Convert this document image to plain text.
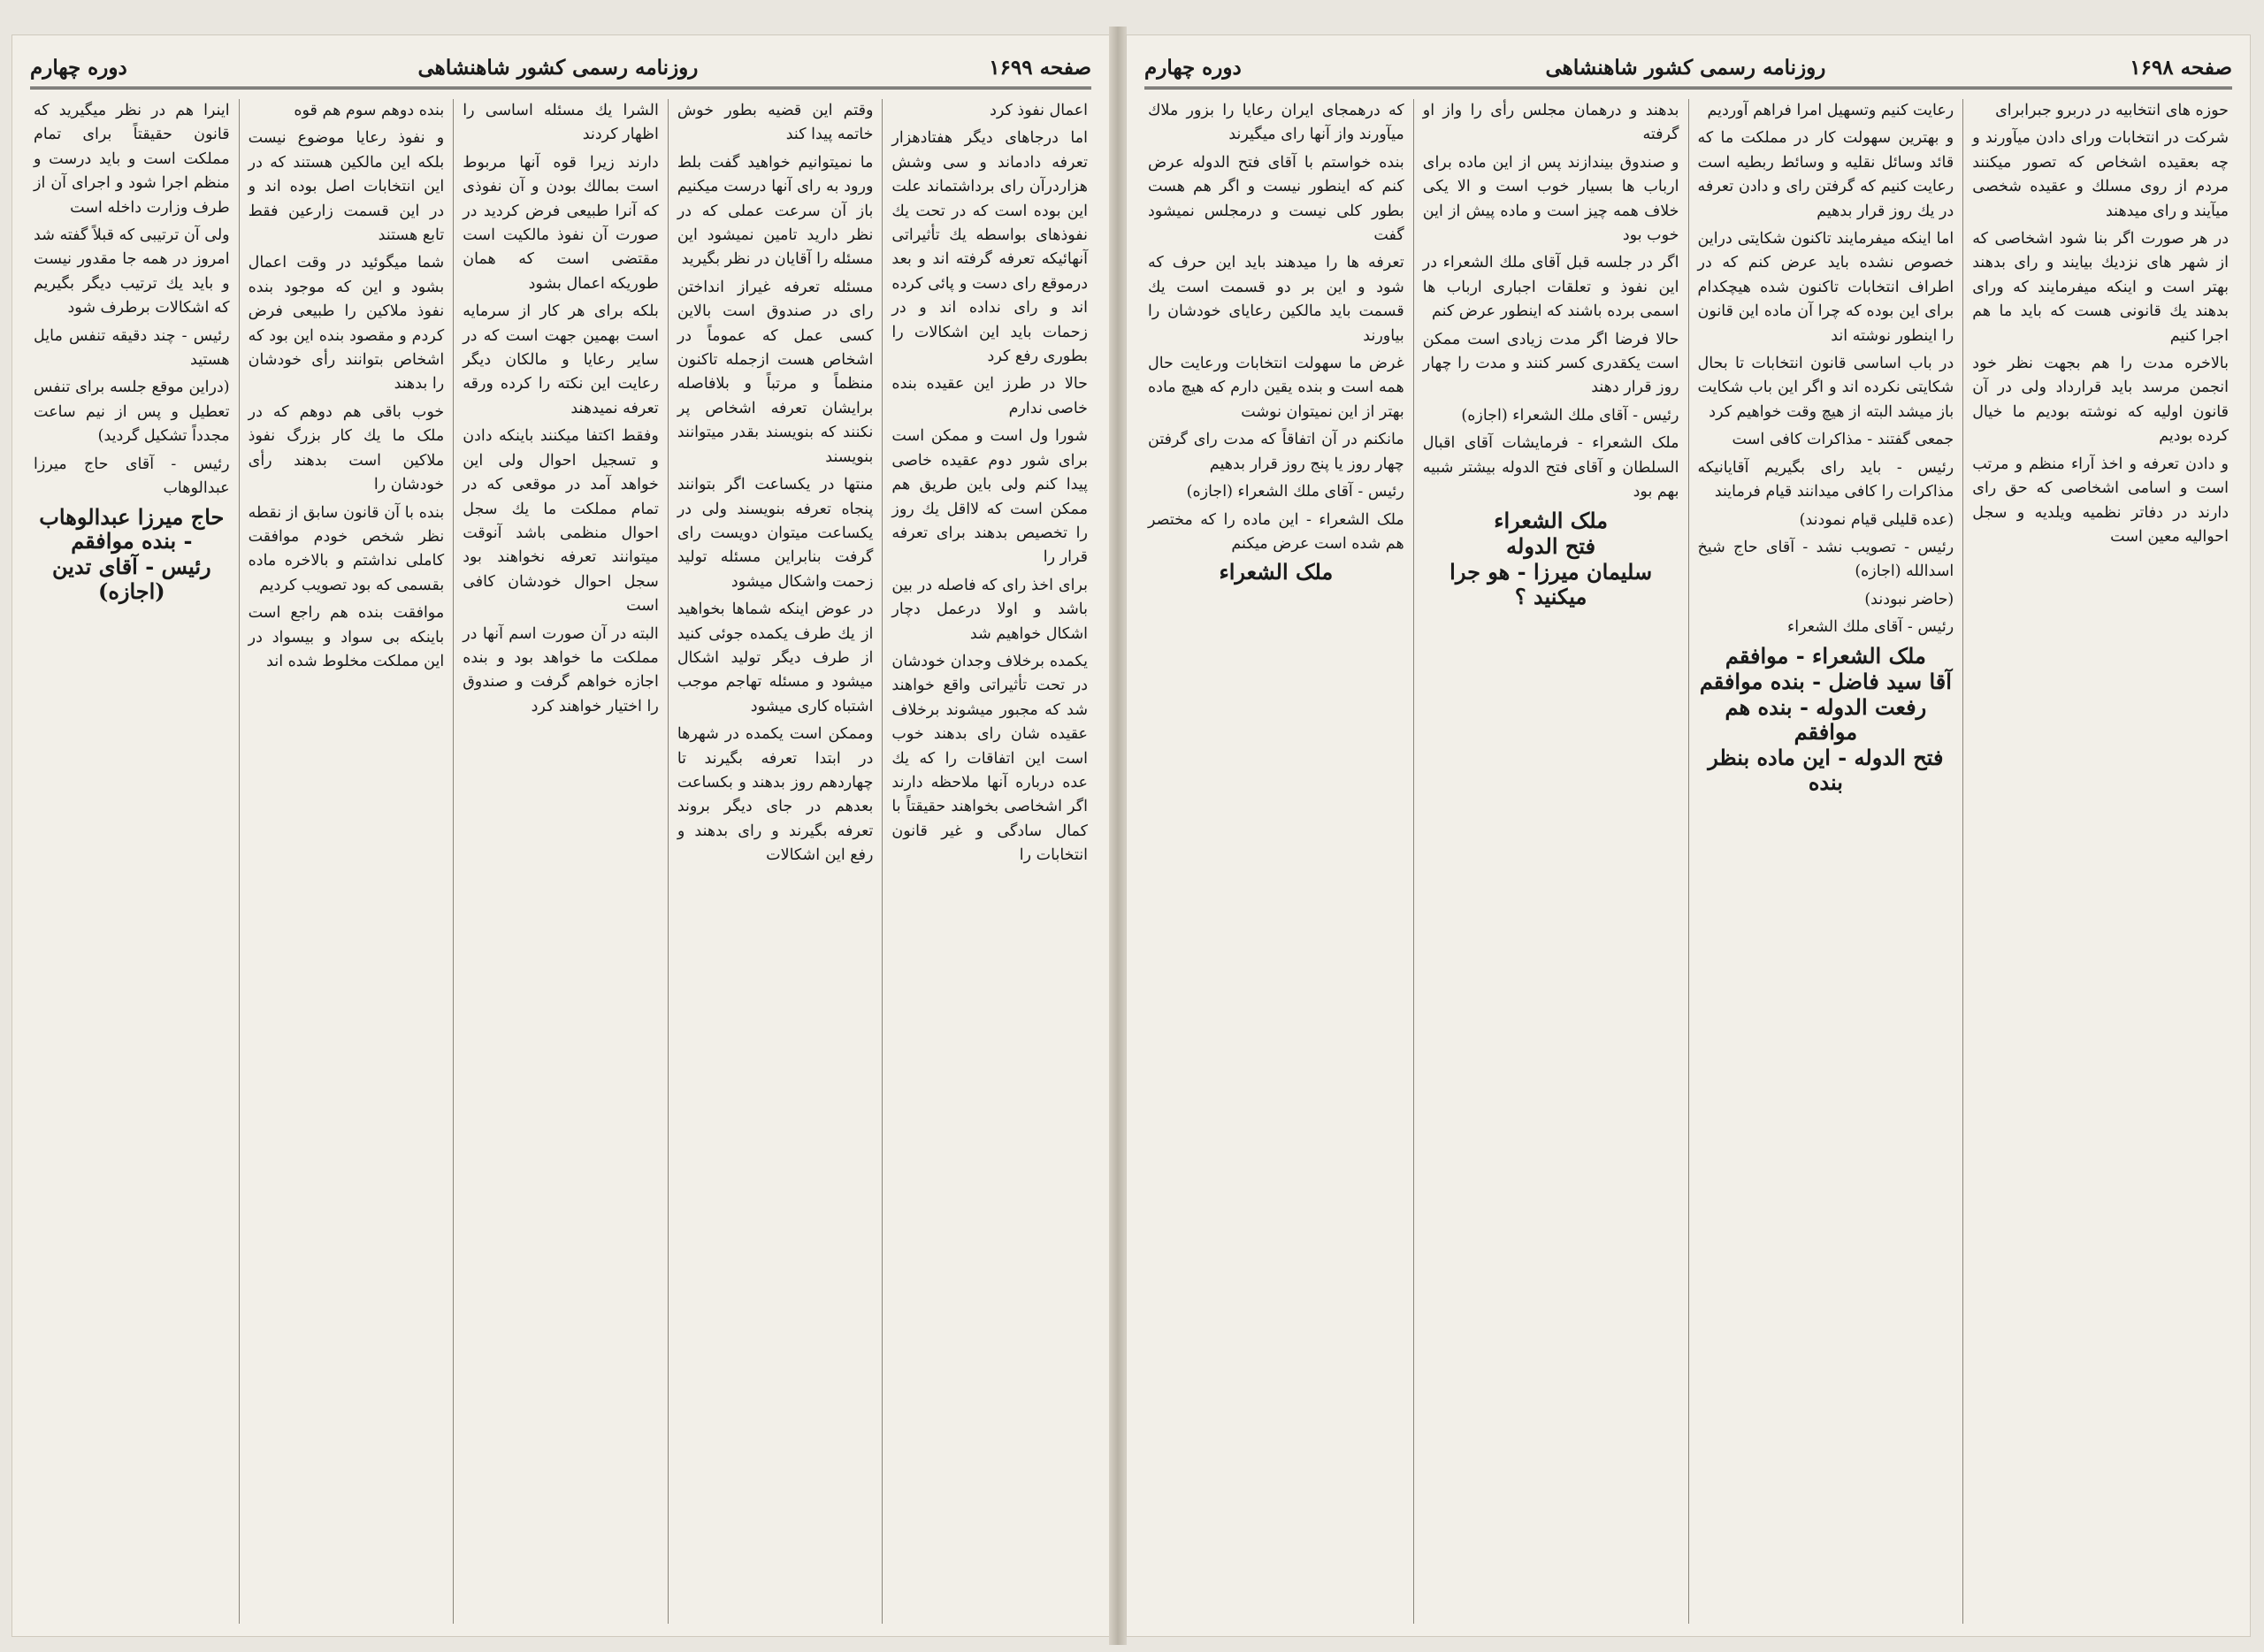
صفحه ۱۶۹۹
روزنامه رسمی کشور شاهنشاهی
دوره چهارم

اعمال نفوذ کرد

اما درجاهای دیگر هفتادهزار تعرفه دادماند و سی وشش هزاردرآن رای برداشتماند علت این بوده است که در تحت یك نفوذهای بواسطه یك تأثیراتی آنهائیکه تعرفه گرفته اند و بعد درموقع رای دست و پائی کرده اند و رای نداده اند و در زحمات باید این اشکالات را بطوری رفع کرد

حالا در طرز این عقیده بنده خاصی ندارم

شورا ول است و ممکن است برای شور دوم عقیده خاصی پیدا کنم ولی باین طریق هم ممکن است که لااقل یك روز را تخصیص بدهند برای تعرفه قرار را

برای اخذ رای که فاصله در بین باشد و اولا درعمل دچار اشکال خواهیم شد

یکمده برخلاف وجدان خودشان در تحت تأثیراتی واقع خواهند شد که مجبور میشوند برخلاف عقیده شان رای بدهند خوب است این اتفاقات را که یك عده درباره آنها ملاحظه دارند اگر اشخاصی بخواهند حقیقتاً با کمال سادگی و غیر قانون انتخابات را

وقتم این قضیه بطور خوش خاتمه پیدا کند

ما نمیتوانیم خواهید گفت بلط ورود به رای آنها درست میکنیم باز آن سرعت عملی که در نظر دارید تامین نمیشود این مسئله را آقایان در نظر بگیرید

مسئله تعرفه غیراز انداختن رای در صندوق است بالاین کسی عمل که عموماً در اشخاص هست ازجمله تاکنون منظماً و مرتباً و بلافاصله برایشان تعرفه اشخاص پر نکنند که بنویسند بقدر میتوانند بنویسند

منتها در یکساعت اگر بتوانند پنجاه تعرفه بنویسند ولی در یکساعت میتوان دویست رای گرفت بنابراین مسئله تولید زحمت واشکال میشود

در عوض اینکه شماها بخواهید از یك طرف یکمده جوئی کنید از طرف دیگر تولید اشکال میشود و مسئله تهاجم موجب اشتباه کاری میشود

وممکن است یکمده در شهرها در ابتدا تعرفه بگیرند تا چهاردهم روز بدهند و بکساعت بعدهم در جای دیگر بروند تعرفه بگیرند و رای بدهند و رفع این اشکالات

الشرا یك مسئله اساسی را اظهار کردند

دارند زیرا قوه آنها مربوط است بمالك بودن و آن نفوذی که آنرا طبیعی فرض کردید در صورت آن نفوذ مالکیت است مقتضی است که همان طوریکه اعمال بشود

بلکه برای هر کار از سرمایه است بهمین جهت است که در سایر رعایا و مالکان دیگر رعایت این نکته را کرده ورقه تعرفه نمیدهند

وفقط اکتفا میکنند باینکه دادن و تسجیل احوال ولی این خواهد آمد در موقعی که در تمام مملکت ما یك سجل احوال منظمی باشد آنوقت میتوانند تعرفه نخواهند بود سجل احوال خودشان کافی است

البته در آن صورت اسم آنها در مملکت ما خواهد بود و بنده اجازه خواهم گرفت و صندوق را اختیار خواهند کرد

بنده دوهم سوم هم قوه

و نفوذ رعایا موضوع نیست بلکه این مالکین هستند که در این انتخابات اصل بوده اند و در این قسمت زارعین فقط تابع هستند

شما میگوئید در وقت اعمال بشود و این که موجود بنده نفوذ ملاکین را طبیعی فرض کردم و مقصود بنده این بود که اشخاص بتوانند رأی خودشان را بدهند

خوب باقی هم دوهم که در ملک ما یك کار بزرگ نفوذ ملاکین است بدهند رأی خودشان را

بنده با آن قانون سابق از نقطه نظر شخص خودم موافقت کاملی نداشتم و بالاخره ماده بقسمی که بود تصویب کردیم

موافقت بنده هم راجع است باینکه بی سواد و بیسواد در این مملکت مخلوط شده اند

اینرا هم در نظر میگیرید که قانون حقیقتاً برای تمام مملکت است و باید درست و منظم اجرا شود و اجرای آن از طرف وزارت داخله است

ولی آن ترتیبی که قبلاً گفته شد امروز در همه جا مقدور نیست و باید یك ترتیب دیگر بگیریم که اشکالات برطرف شود

رئیس - چند دقیقه تنفس مایل هستید

(دراین موقع جلسه برای تنفس تعطیل و پس از نیم ساعت مجدداً تشکیل گردید)

رئیس - آقای حاج میرزا عبدالوهاب

حاج میرزا عبدالوهاب - بنده موافقم
رئیس - آقای تدین (اجازه)
صفحه ۱۶۹۸
روزنامه رسمی کشور شاهنشاهی
دوره چهارم

حوزه های انتخابیه در دربرو جبرابرای

شرکت در انتخابات ورای دادن میآورند و چه بعقیده اشخاص که تصور میکنند مردم از روی مسلك و عقیده شخصی میآیند و رای میدهند

در هر صورت اگر بنا شود اشخاصی که از شهر های نزدیك بیایند و رای بدهند بهتر است و اینکه میفرمایند که ورای بدهند یك قانونی هست که باید ما هم اجرا کنیم

بالاخره مدت را هم بجهت نظر خود انجمن مرسد باید قرارداد ولی در آن قانون اولیه که نوشته بودیم ما خیال کرده بودیم

و دادن تعرفه و اخذ آراء منظم و مرتب است و اسامی اشخاصی که حق رای دارند در دفاتر نظمیه ویلدیه و سجل احوالیه معین است

رعایت کنیم وتسهیل امرا فراهم آوردیم

و بهترین سهولت کار در مملکت ما که قائد وسائل نقلیه و وسائط ربطیه است رعایت کنیم که گرفتن رای و دادن تعرفه در یك روز قرار بدهیم

اما اینکه میفرمایند تاکنون شکایتی دراین خصوص نشده باید عرض کنم که در اطراف انتخابات تاکنون شده هیچکدام برای این بوده که چرا آن ماده این قانون را اینطور نوشته اند

در باب اساسی قانون انتخابات تا بحال شکایتی نکرده اند و اگر این باب شکایت باز میشد البته از هیچ وقت خواهیم کرد

جمعی گفتند - مذاکرات کافی است

رئیس - باید رای بگیریم آقایانیکه مذاکرات را کافی میدانند قیام فرمایند

(عده قلیلی قیام نمودند)

رئیس - تصویب نشد - آقای حاج شیخ اسدالله (اجازه)

(حاضر نبودند)

رئیس - آقای ملك الشعراء

ملک الشعراء - موافقم
آقا سید فاضل - بنده موافقم
رفعت الدوله - بنده هم موافقم
فتح الدوله - این ماده بنظر بنده

بدهند و درهمان مجلس رأی را واز او گرفته

و صندوق بیندازند پس از این ماده برای ارباب ها بسیار خوب است و الا یکی خلاف همه چیز است و ماده پیش از این خوب بود

اگر در جلسه قبل آقای ملك الشعراء در این نفوذ و تعلقات اجباری ارباب ها اسمی برده باشند که اینطور عرض کنم

حالا فرضا اگر مدت زیادی است ممکن است یکقدری کسر کنند و مدت را چهار روز قرار دهند

رئیس - آقای ملك الشعراء (اجازه)

ملک الشعراء - فرمایشات آقای اقبال السلطان و آقای فتح الدوله بیشتر شبیه بهم بود

ملک الشعراء
فتح الدوله
سلیمان میرزا - هو جرا میکنید ؟

که درهمجای ایران رعایا را بزور ملاك میآورند واز آنها رای میگیرند

بنده خواستم با آقای فتح الدوله عرض کنم که اینطور نیست و اگر هم هست بطور کلی نیست و درمجلس نمیشود گفت

تعرفه ها را میدهند باید این حرف که شود و این بر دو قسمت است یك قسمت باید مالکین رعایای خودشان را بیاورند

غرض ما سهولت انتخابات ورعایت حال همه است و بنده یقین دارم که هیچ ماده بهتر از این نمیتوان نوشت

مانکنم در آن اتفاقاً که مدت رای گرفتن چهار روز یا پنج روز قرار بدهیم

رئیس - آقای ملك الشعراء (اجازه)

ملک الشعراء - این ماده را که مختصر هم شده است عرض میکنم

ملک الشعراء
